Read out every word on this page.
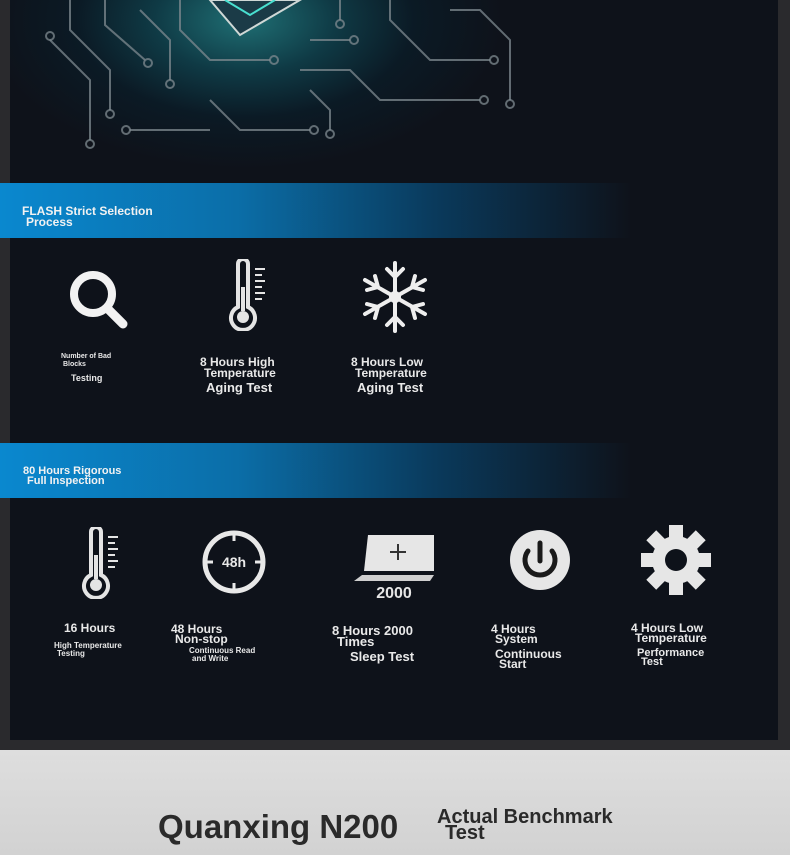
48h
2000
FLASH Strict Selection
Process
80 Hours Rigorous
Full Inspection
Number of Bad
Blocks
Testing
8 Hours High
Temperature
Aging Test
8 Hours Low
Temperature
Aging Test
16 Hours
High Temperature
Testing
48 Hours
Non-stop
Continuous Read
and Write
8 Hours 2000
Times
Sleep Test
4 Hours
System
Continuous
Start
4 Hours Low
Temperature
Performance
Test
Quanxing N200 Actual Benchmark
Test
